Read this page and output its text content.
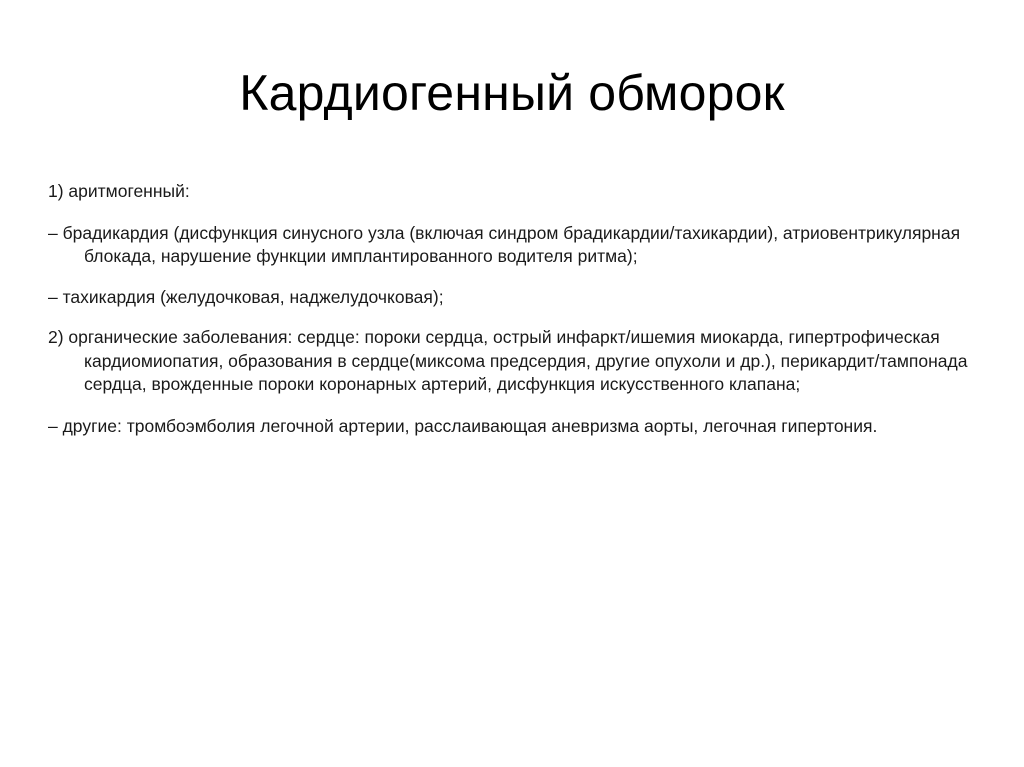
Кардиогенный обморок

1) аритмогенный:

– брадикардия (дисфункция синусного узла (включая синдром брадикардии/тахикардии), атриовентрикулярная блокада, нарушение функции имплантированного водителя ритма);

– тахикардия (желудочковая, наджелудочковая);

2) органические заболевания: сердце: пороки сердца, острый инфаркт/ишемия миокарда, гипертрофическая кардиомиопатия, образования в сердце(миксома предсердия, другие опухоли и др.), перикардит/тампонада сердца, врожденные пороки коронарных артерий, дисфункция искусственного клапана;

– другие: тромбоэмболия легочной артерии, расслаивающая аневризма аорты, легочная гипертония.
